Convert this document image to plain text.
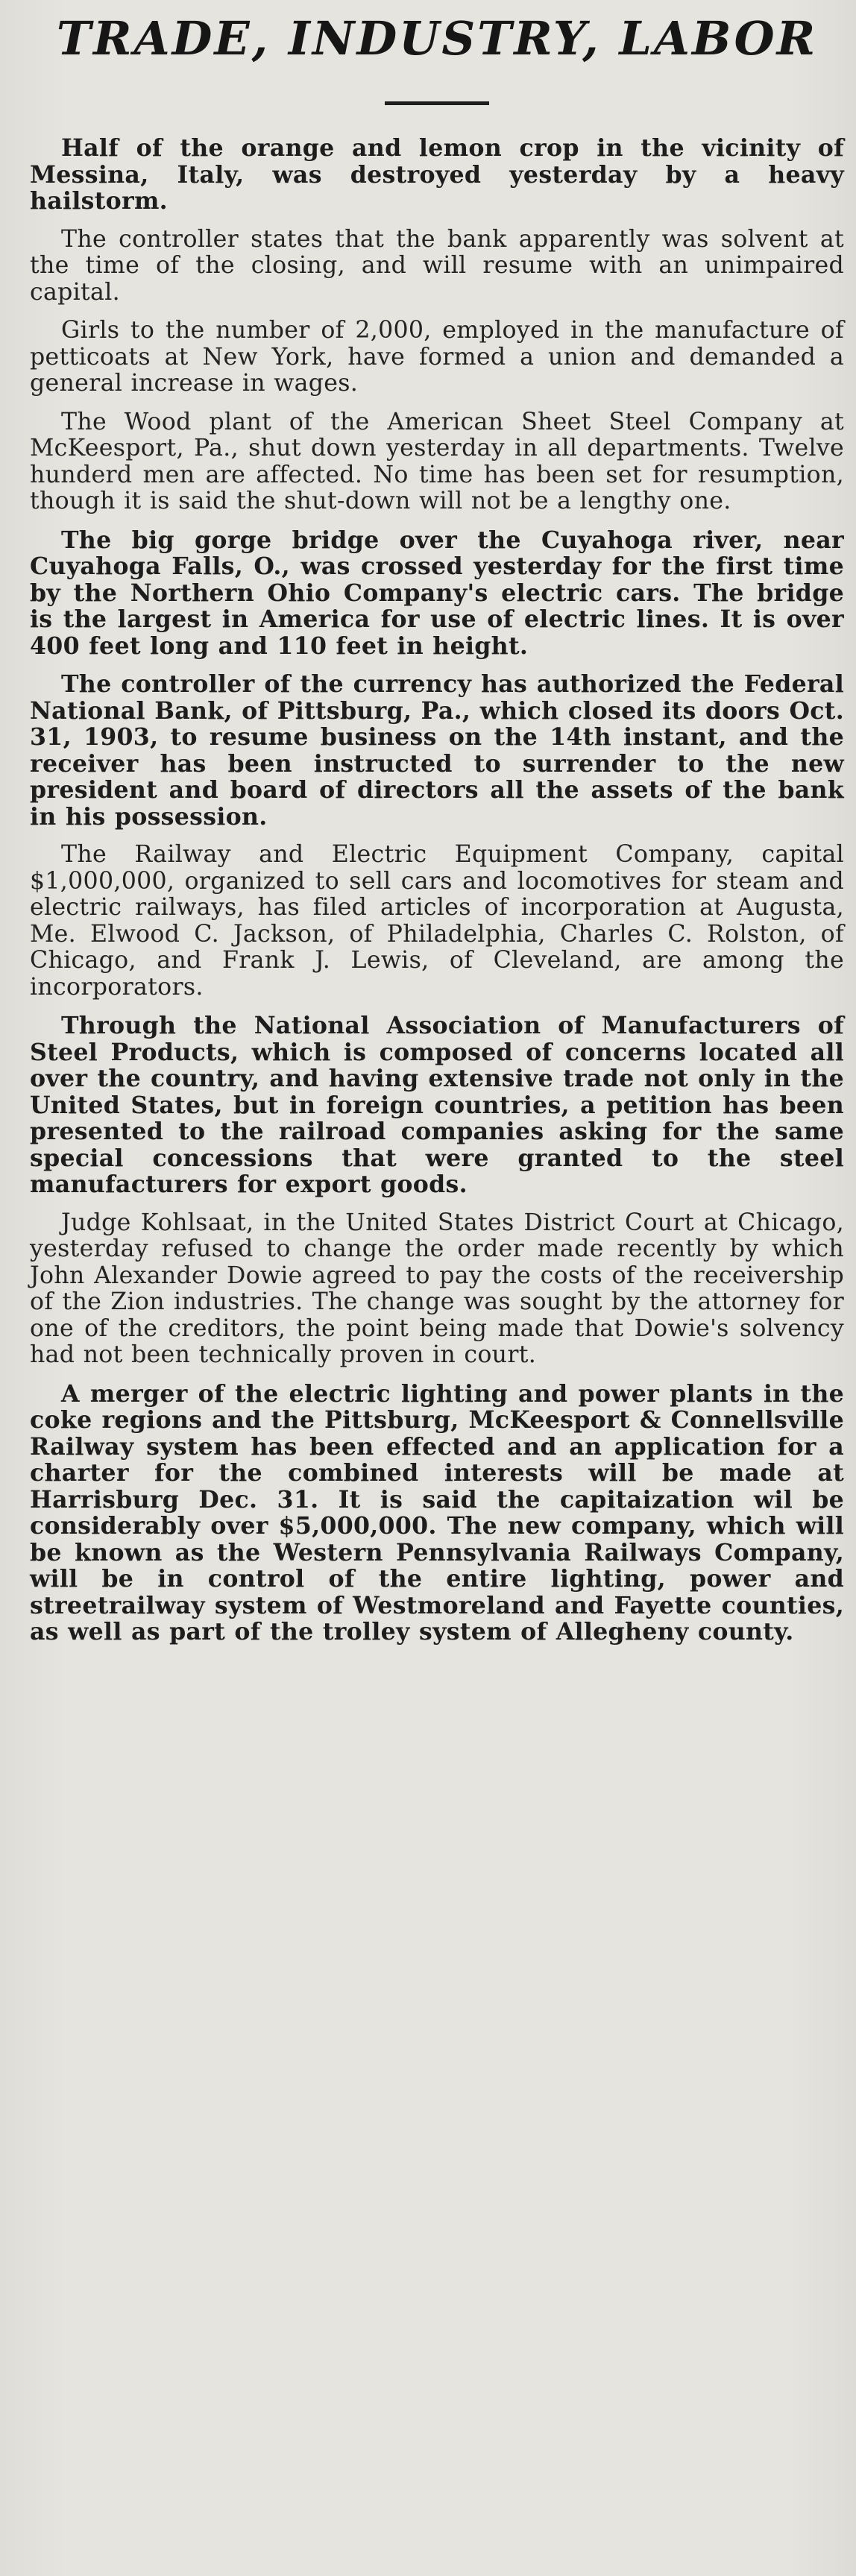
TRADE, INDUSTRY, LABOR

Half of the orange and lemon crop in the vicinity of Messina, Italy, was destroyed yesterday by a heavy hailstorm.

The controller states that the bank apparently was solvent at the time of the closing, and will resume with an unimpaired capital.

Girls to the number of 2,000, employed in the manufacture of petticoats at New York, have formed a union and demanded a general increase in wages.

The Wood plant of the American Sheet Steel Company at McKeesport, Pa., shut down yesterday in all departments. Twelve hunderd men are affected. No time has been set for resumption, though it is said the shut-down will not be a lengthy one.

The big gorge bridge over the Cuyahoga river, near Cuyahoga Falls, O., was crossed yesterday for the first time by the Northern Ohio Company's electric cars. The bridge is the largest in America for use of electric lines. It is over 400 feet long and 110 feet in height.

The controller of the currency has authorized the Federal National Bank, of Pittsburg, Pa., which closed its doors Oct. 31, 1903, to resume business on the 14th instant, and the receiver has been instructed to surrender to the new president and board of directors all the assets of the bank in his possession.

The Railway and Electric Equipment Company, capital $1,000,000, organized to sell cars and locomotives for steam and electric railways, has filed articles of incorporation at Augusta, Me. Elwood C. Jackson, of Philadelphia, Charles C. Rolston, of Chicago, and Frank J. Lewis, of Cleveland, are among the incorporators.

Through the National Association of Manufacturers of Steel Products, which is composed of concerns located all over the country, and having extensive trade not only in the United States, but in foreign countries, a petition has been presented to the railroad companies asking for the same special concessions that were granted to the steel manufacturers for export goods.

Judge Kohlsaat, in the United States District Court at Chicago, yesterday refused to change the order made recently by which John Alexander Dowie agreed to pay the costs of the receivership of the Zion industries. The change was sought by the attorney for one of the creditors, the point being made that Dowie's solvency had not been technically proven in court.

A merger of the electric lighting and power plants in the coke regions and the Pittsburg, McKeesport & Connellsville Railway system has been effected and an application for a charter for the combined interests will be made at Harrisburg Dec. 31. It is said the capitaization wil be considerably over $5,000,000. The new company, which will be known as the Western Pennsylvania Railways Company, will be in control of the entire lighting, power and streetrailway system of Westmoreland and Fayette counties, as well as part of the trolley system of Allegheny county.
